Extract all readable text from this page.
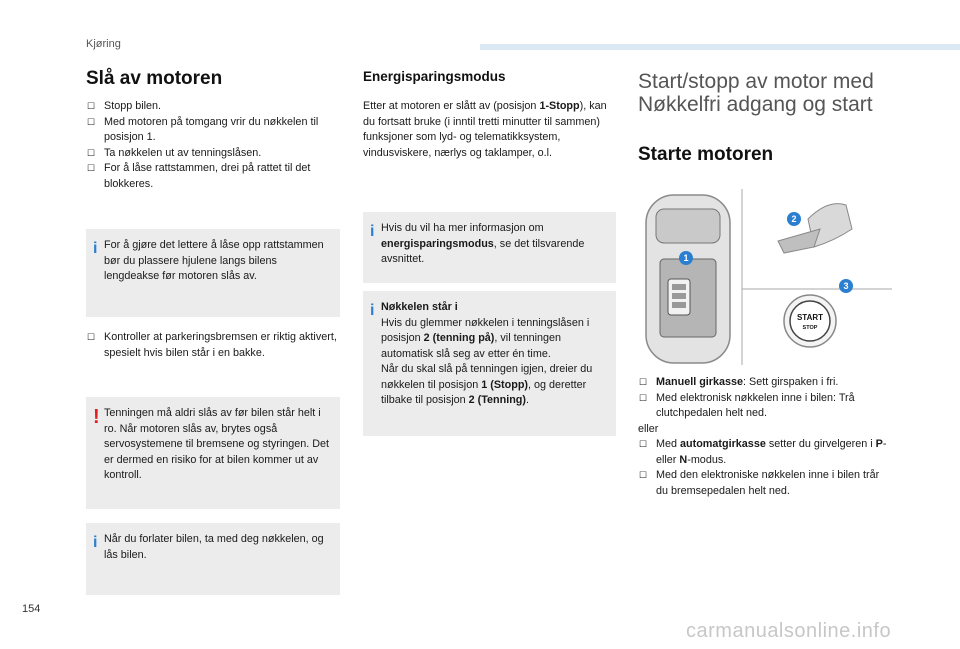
Kjøring
Slå av motoren
☐ Stopp bilen.
☐ Med motoren på tomgang vrir du nøkkelen til posisjon 1.
☐ Ta nøkkelen ut av tenningslåsen.
☐ For å låse rattstammen, drei på rattet til det blokkeres.
i For å gjøre det lettere å låse opp rattstammen bør du plassere hjulene langs bilens lengdeakse før motoren slås av.
☐ Kontroller at parkeringsbremsen er riktig aktivert, spesielt hvis bilen står i en bakke.
! Tenningen må aldri slås av før bilen står helt i ro. Når motoren slås av, brytes også servosystemene til bremsene og styringen. Det er dermed en risiko for at bilen kommer ut av kontroll.
i Når du forlater bilen, ta med deg nøkkelen, og lås bilen.
Energisparingsmodus

Etter at motoren er slått av (posisjon 1-Stopp), kan du fortsatt bruke (i inntil tretti minutter til sammen) funksjoner som lyd- og telematikksystem, vindusviskere, nærlys og taklamper, o.l.

i Hvis du vil ha mer informasjon om energisparingsmodus, se det tilsvarende avsnittet.
i Nøkkelen står i
Hvis du glemmer nøkkelen i tenningslåsen i posisjon 2 (tenning på), vil tenningen automatisk slå seg av etter én time.
Når du skal slå på tenningen igjen, dreier du nøkkelen til posisjon 1 (Stopp), og deretter tilbake til posisjon 2 (Tenning).
Start/stopp av motor med
Nøkkelfri adgang og start
Starte motoren
START
STOP
1
2
3
☐ Manuell girkasse: Sett girspaken i fri.
☐ Med elektronisk nøkkelen inne i bilen: Trå clutchpedalen helt ned.
eller
☐ Med automatgirkasse setter du girvelgeren i P- eller N-modus.
☐ Med den elektroniske nøkkelen inne i bilen trår du bremsepedalen helt ned.
154
carmanualsonline.info
